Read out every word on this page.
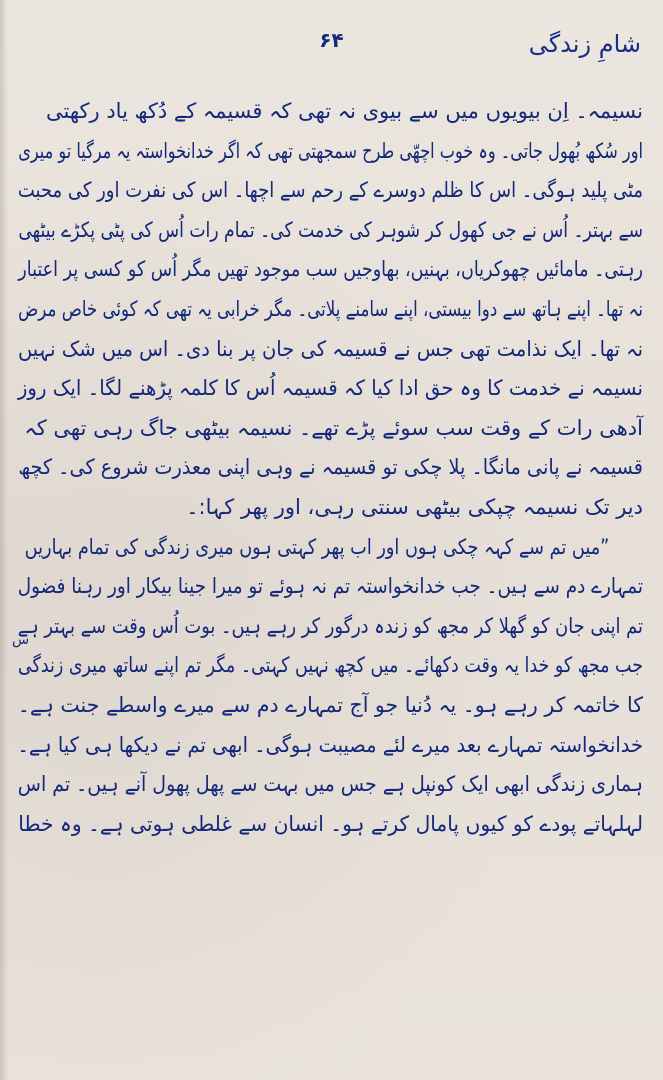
۶۴	شامِ زندگی
س
نسیمہ۔ اِن بیویوں میں سے بیوی نہ تھی کہ قسیمہ کے دُکھ یاد رکھتی
اور سُکھ بُھول جاتی۔ وہ خوب اچھّی طرح سمجھتی تھی کہ اگر خدانخواستہ یہ مرگیا تو میری
مٹی پلید ہوگی۔ اس کا ظلم دوسرے کے رحم سے اچھا۔ اس کی نفرت اور کی محبت
سے بہتر۔ اُس نے جی کھول کر شوہر کی خدمت کی۔ تمام رات اُس کی پٹی پکڑے بیٹھی
رہتی۔ مامائیں چھوکریاں، بہنیں، بھاوجیں سب موجود تھیں مگر اُس کو کسی پر اعتبار
نہ تھا۔ اپنے ہاتھ سے دوا بیستی، اپنے سامنے پلاتی۔ مگر خرابی یہ تھی کہ کوئی خاص مرض
نہ تھا۔ ایک نذامت تھی جس نے قسیمہ کی جان پر بنا دی۔ اس میں شک نہیں
نسیمہ نے خدمت کا وہ حق ادا کیا کہ قسیمہ اُس کا کلمہ پڑھنے لگا۔ ایک روز
آدھی رات کے وقت سب سوئے پڑے تھے۔ نسیمہ بیٹھی جاگ رہی تھی کہ
قسیمہ نے پانی مانگا۔ پلا چکی تو قسیمہ نے وہی اپنی معذرت شروع کی۔ کچھ
دیر تک نسیمہ چپکی بیٹھی سنتی رہی، اور پھر کہا:۔
”میں تم سے کہہ چکی ہوں اور اب پھر کہتی ہوں میری زندگی کی تمام بہاریں
تمہارے دم سے ہیں۔ جب خدانخواستہ تم نہ ہوئے تو میرا جینا بیکار اور رہنا فضول
تم اپنی جان کو گھلا کر مجھ کو زندہ درگور کر رہے ہیں۔ بوت اُس وقت سے بہتر ہے
جب مجھ کو خدا یہ وقت دکھائے۔ میں کچھ نہیں کہتی۔ مگر تم اپنے ساتھ میری زندگی
کا خاتمہ کر رہے ہو۔ یہ دُنیا جو آج تمہارے دم سے میرے واسطے جنت ہے۔
خدانخواستہ تمہارے بعد میرے لئے مصیبت ہوگی۔ ابھی تم نے دیکھا ہی کیا ہے۔
ہماری زندگی ابھی ایک کونپل ہے جس میں بہت سے پھل پھول آنے ہیں۔ تم اس
لہلہاتے پودے کو کیوں پامال کرتے ہو۔ انسان سے غلطی ہوتی ہے۔ وہ خطا
